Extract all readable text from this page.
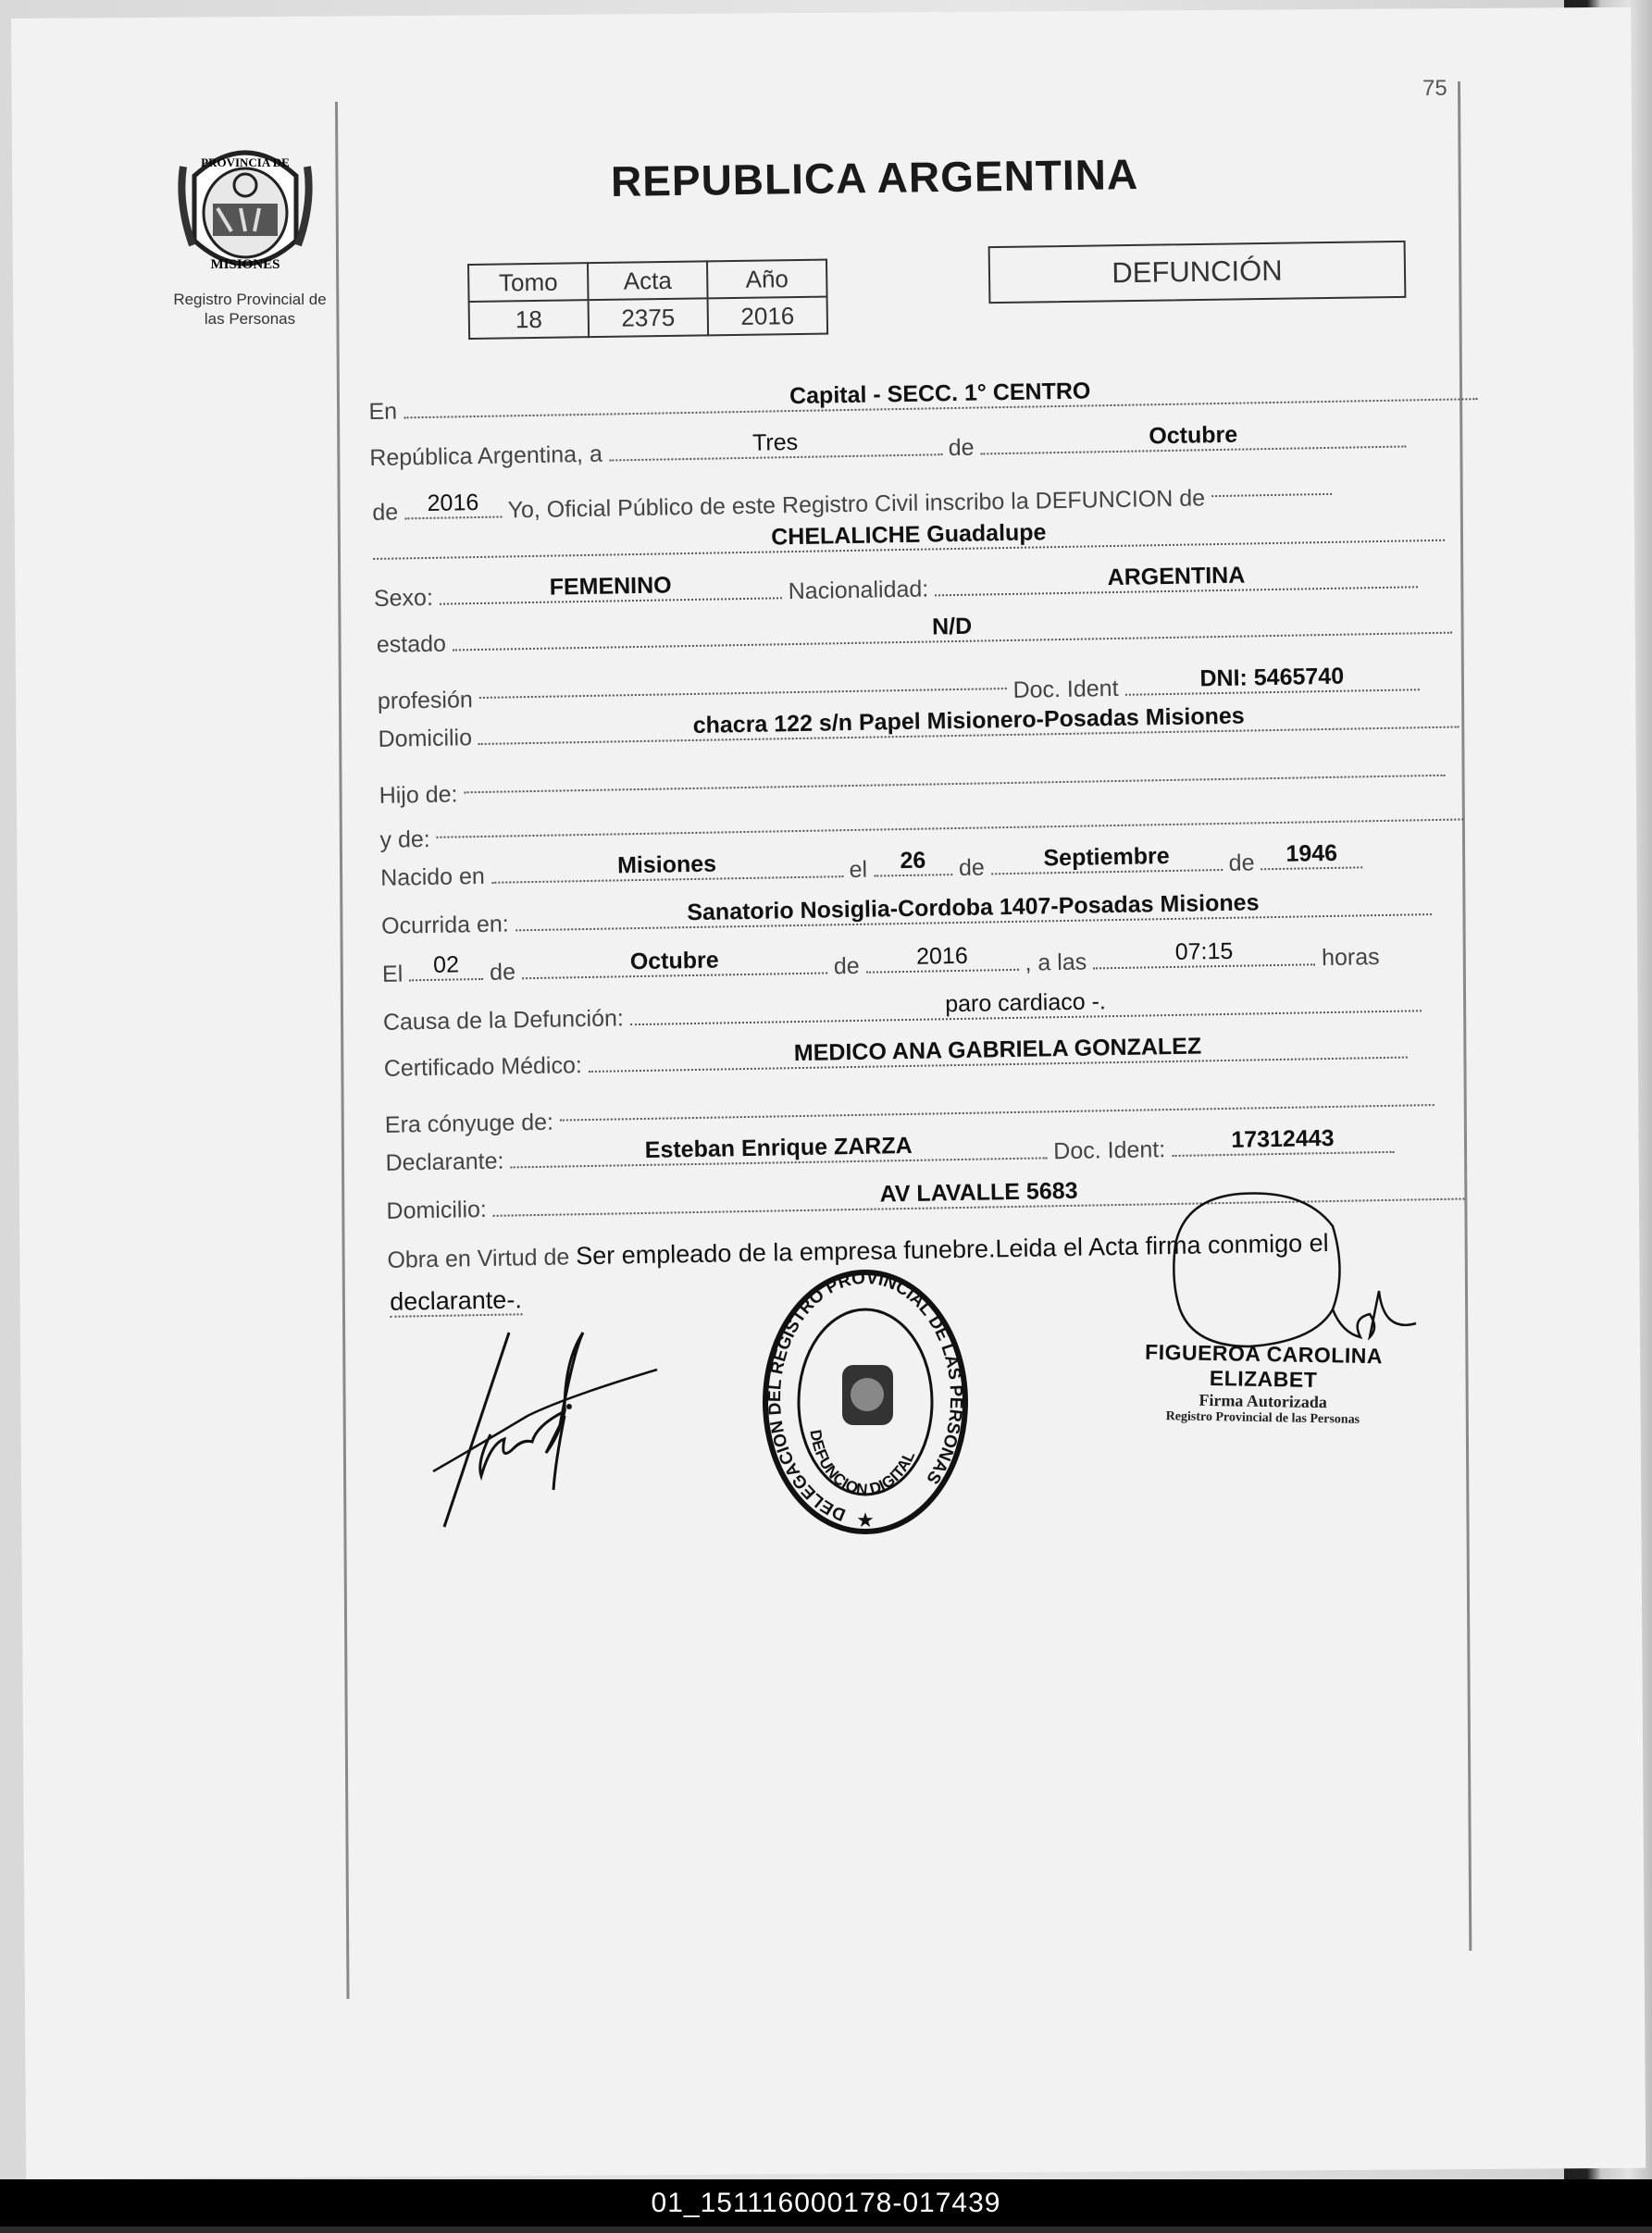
75
PROVINCIA DE
MISIONES
Registro Provincial de
las Personas
REPUBLICA ARGENTINA
Tomo	Acta	Año
18	2375	2016
DEFUNCIÓN
En Capital - SECC. 1° CENTRO
República Argentina, a	Tres	de	Octubre
de 2016 Yo, Oficial Público de este Registro Civil inscribo la DEFUNCION de
CHELALICHE Guadalupe
Sexo:	FEMENINO	Nacionalidad:	ARGENTINA
estado N/D
profesión	Doc. Ident	DNI: 5465740
Domicilio chacra 122 s/n Papel Misionero-Posadas Misiones
Hijo de:
y de:
Nacido en	Misiones	el 26 de	Septiembre	de 1946
Ocurrida en:	Sanatorio Nosiglia-Cordoba 1407-Posadas Misiones
El 02 de	Octubre	de 2016 , a las	07:15	horas
Causa de la Defunción: paro cardiaco -.
Certificado Médico: MEDICO ANA GABRIELA GONZALEZ
Era cónyuge de:
Declarante:	Esteban Enrique ZARZA	Doc. Ident:	17312443
Domicilio: AV LAVALLE 5683
Obra en Virtud de Ser empleado de la empresa funebre.Leida el Acta firma conmigo el
declarante-.
DELEGACION DEL REGISTRO PROVINCIAL DE LAS PERSONAS
DEFUNCION DIGITAL
★
FIGUEROA CAROLINA ELIZABET
Firma Autorizada
Registro Provincial de las Personas
01_151116000178-017439
